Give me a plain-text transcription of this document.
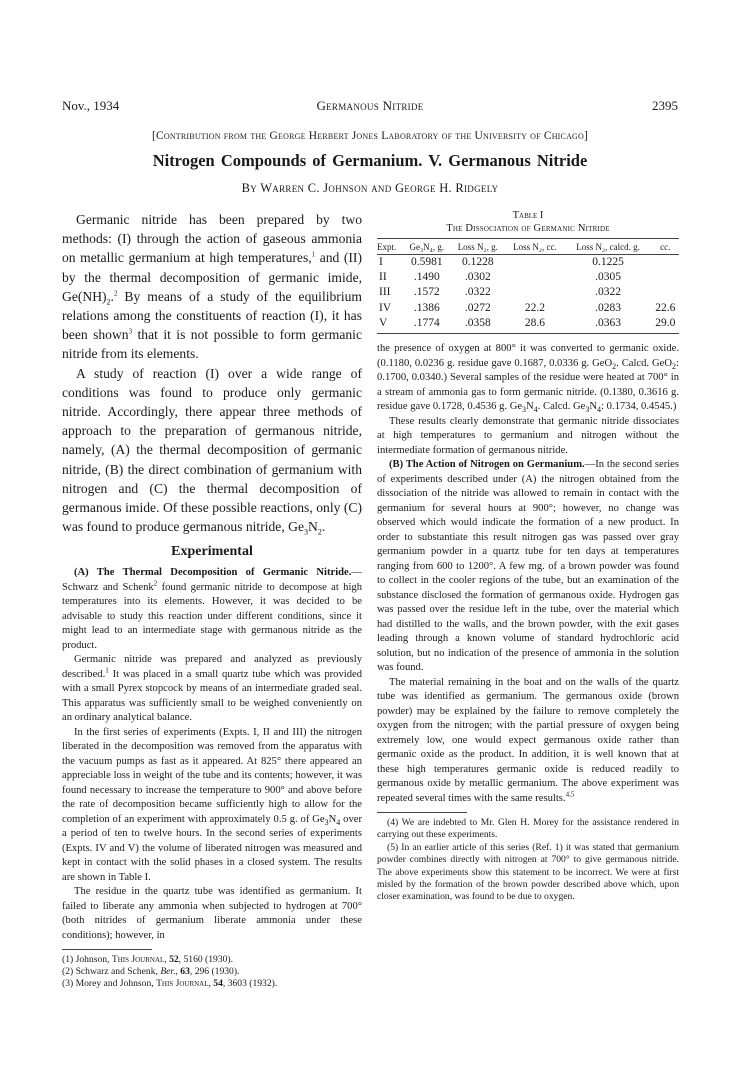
Nov., 1934	Germanous Nitride	2395
[Contribution from the George Herbert Jones Laboratory of the University of Chicago]
Nitrogen Compounds of Germanium. V. Germanous Nitride
By Warren C. Johnson and George H. Ridgely

Germanic nitride has been prepared by two methods: (I) through the action of gaseous ammonia on metallic germanium at high temperatures,$^1$ and (II) by the thermal decomposition of germanic imide, $Ge(NH)_2.^2$ By means of a study of the equilibrium relations among the constituents of reaction (I), it has been shown$^3$ that it is not possible to form germanic nitride from its elements.

A study of reaction (I) over a wide range of conditions was found to produce only germanic nitride. Accordingly, there appear three methods of approach to the preparation of germanous nitride, namely, (A) the thermal decomposition of germanic nitride, (B) the direct combination of germanium with nitrogen and (C) the thermal decomposition of germanous imide. Of these possible reactions, only (C) was found to produce germanous nitride, $Ge_3N_2$.

Experimental

(A) The Thermal Decomposition of Germanic Nitride.—Schwarz and Schenk$^2$ found germanic nitride to decompose at high temperatures into its elements. However, it was decided to be advisable to study this reaction under different conditions, since it might lead to an intermediate stage with germanous nitride as the product.

Germanic nitride was prepared and analyzed as previously described.$^1$ It was placed in a small quartz tube which was provided with a small Pyrex stopcock by means of an intermediate graded seal. This apparatus was sufficiently small to be weighed conveniently on an ordinary analytical balance.

In the first series of experiments (Expts. I, II and III) the nitrogen liberated in the decomposition was removed from the apparatus with the vacuum pumps as fast as it appeared. At 825° there appeared an appreciable loss in weight of the tube and its contents; however, it was found necessary to increase the temperature to 900° and above before the rate of decomposition became sufficiently high to allow for the completion of an experiment with approximately 0.5 g. of $Ge_3N_4$ over a period of ten to twelve hours. In the second series of experiments (Expts. IV and V) the volume of liberated nitrogen was measured and kept in contact with the solid phases in a closed system. The results are shown in Table I.

The residue in the quartz tube was identified as germanium. It failed to liberate any ammonia when subjected to hydrogen at 700° (both nitrides of germanium liberate ammonia under these conditions); however, in

(1) Johnson, This Journal, 52, 5160 (1930).

(2) Schwarz and Schenk, Ber., 63, 296 (1930).

(3) Morey and Johnson, This Journal, 54, 3603 (1932).

Table I

The Dissociation of Germanic Nitride

Expt.	Ge₃N₄, g.	Loss N₂, g.	Loss N₂, cc.	Loss N₂, calcd. g.	cc.
I	0.5981	0.1228		0.1225	
II	.1490	.0302		.0305	
III	.1572	.0322		.0322	
IV	.1386	.0272	22.2	.0283	22.6
V	.1774	.0358	28.6	.0363	29.0

the presence of oxygen at 800° it was converted to germanic oxide. (0.1180, 0.0236 g. residue gave 0.1687, 0.0336 g. GeO$_2$. Calcd. GeO$_2$: 0.1700, 0.0340.) Several samples of the residue were heated at 700° in a stream of ammonia gas to form germanic nitride. (0.1380, 0.3616 g. residue gave 0.1728, 0.4536 g. $Ge_3N_4$. Calcd. $Ge_3N_4$: 0.1734, 0.4545.)

These results clearly demonstrate that germanic nitride dissociates at high temperatures to germanium and nitrogen without the intermediate formation of germanous nitride.

(B) The Action of Nitrogen on Germanium.—In the second series of experiments described under (A) the nitrogen obtained from the dissociation of the nitride was allowed to remain in contact with the germanium for several hours at 900°; however, no change was observed which would indicate the formation of a new product. In order to substantiate this result nitrogen gas was passed over gray germanium powder in a quartz tube for ten days at temperatures ranging from 600 to 1200°. A few mg. of a brown powder was found to collect in the cooler regions of the tube, but an examination of the substance disclosed the formation of germanous oxide. Hydrogen gas was passed over the residue left in the tube, over the material which had distilled to the walls, and the brown powder, with the exit gases leading through a known volume of standard hydrochloric acid solution, but no indication of the presence of ammonia in the solution was found.

The material remaining in the boat and on the walls of the quartz tube was identified as germanium. The germanous oxide (brown powder) may be explained by the failure to remove completely the oxygen from the nitrogen; with the partial pressure of oxygen being extremely low, one would expect germanous oxide rather than germanic oxide as the product. In addition, it is well known that at these high temperatures germanic oxide is reduced readily to germanous oxide by metallic germanium. The above experiment was repeated several times with the same results.$^{4,5}$

(4) We are indebted to Mr. Glen H. Morey for the assistance rendered in carrying out these experiments.

(5) In an earlier article of this series (Ref. 1) it was stated that germanium powder combines directly with nitrogen at 700° to give germanous nitride. The above experiments show this statement to be incorrect. We were at first misled by the formation of the brown powder described above which, upon closer examination, was found to be due to oxygen.
